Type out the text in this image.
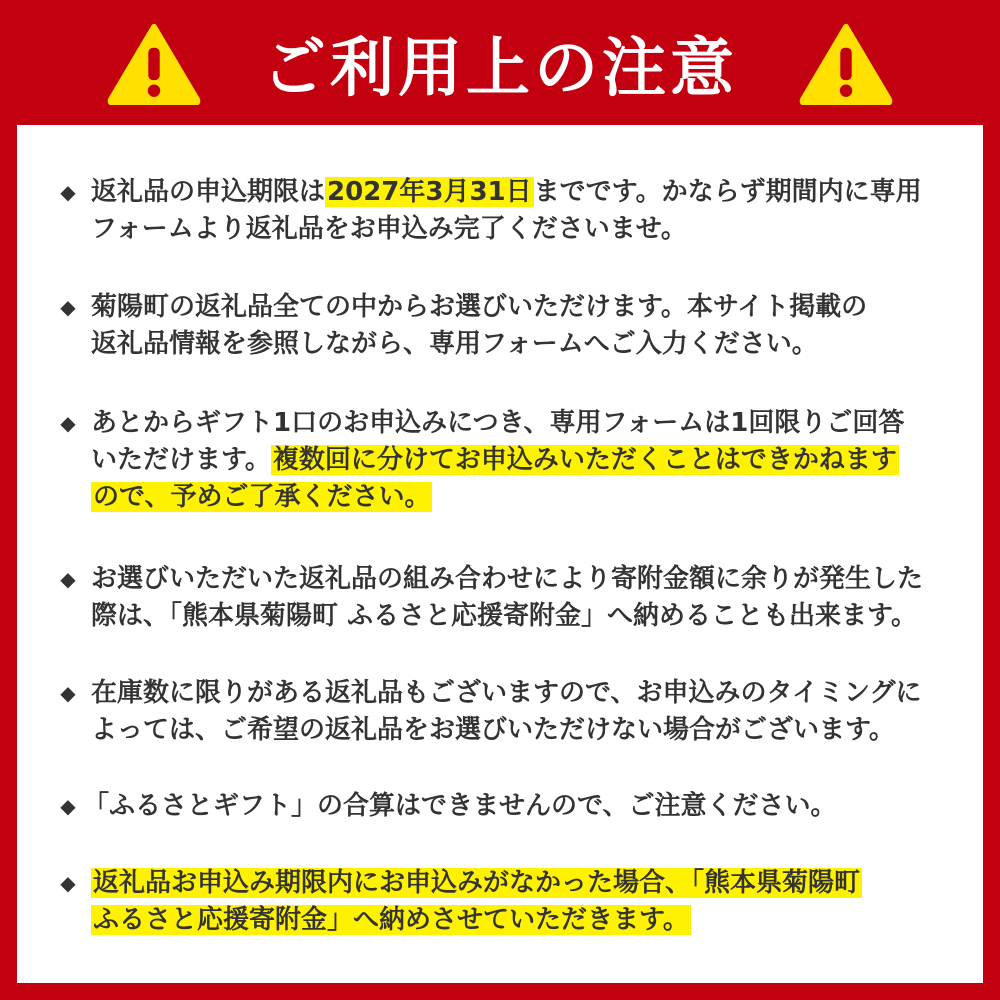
ご利用上の注意
◆ 返礼品の申込期限は2027年3月31日までです。かならず期間内に専用
フォームより返礼品をお申込み完了くださいませ。
◆ 菊陽町の返礼品全ての中からお選びいただけます。本サイト掲載の
返礼品情報を参照しながら、専用フォームへご入力ください。
◆ あとからギフト1口のお申込みにつき、専用フォームは1回限りご回答
いただけます。複数回に分けてお申込みいただくことはできかねます
ので、予めご了承ください。
◆ お選びいただいた返礼品の組み合わせにより寄附金額に余りが発生した
際は、「熊本県菊陽町 ふるさと応援寄附金」へ納めることも出来ます。
◆ 在庫数に限りがある返礼品もございますので、お申込みのタイミングに
よっては、ご希望の返礼品をお選びいただけない場合がございます。
◆ 「ふるさとギフト」の合算はできませんので、ご注意ください。
◆ 返礼品お申込み期限内にお申込みがなかった場合、「熊本県菊陽町
ふるさと応援寄附金」へ納めさせていただきます。
